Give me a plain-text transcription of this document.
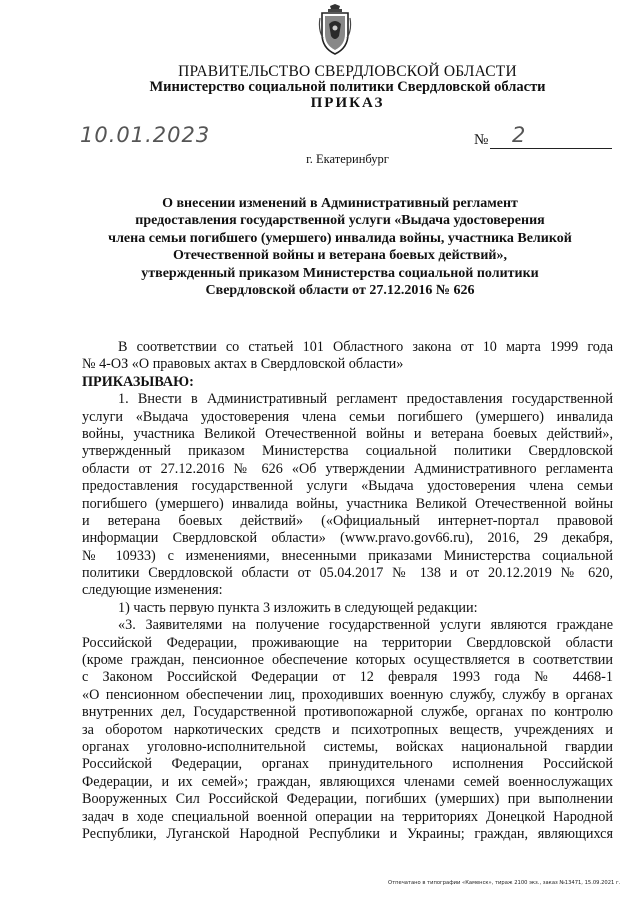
ПРАВИТЕЛЬСТВО СВЕРДЛОВСКОЙ ОБЛАСТИ
Министерство социальной политики Свердловской области
ПРИКАЗ
10.01.2023	№ 2
г. Екатеринбург
О внесении изменений в Административный регламент
предоставления государственной услуги «Выдача удостоверения
члена семьи погибшего (умершего) инвалида войны, участника Великой
Отечественной войны и ветерана боевых действий»,
утвержденный приказом Министерства социальной политики
Свердловской области от 27.12.2016 № 626
В соответствии со статьей 101 Областного закона от 10 марта 1999 года
№ 4-ОЗ «О правовых актах в Свердловской области»
ПРИКАЗЫВАЮ:
1. Внести в Административный регламент предоставления государственной
услуги «Выдача удостоверения члена семьи погибшего (умершего) инвалида
войны, участника Великой Отечественной войны и ветерана боевых действий»,
утвержденный приказом Министерства социальной политики Свердловской
области от 27.12.2016 № 626 «Об утверждении Административного регламента
предоставления государственной услуги «Выдача удостоверения члена семьи
погибшего (умершего) инвалида войны, участника Великой Отечественной войны
и ветерана боевых действий» («Официальный интернет-портал правовой
информации Свердловской области» (www.pravo.gov66.ru), 2016, 29 декабря,
№ 10933) с изменениями, внесенными приказами Министерства социальной
политики Свердловской области от 05.04.2017 № 138 и от 20.12.2019 № 620,
следующие изменения:
1) часть первую пункта 3 изложить в следующей редакции:
«3. Заявителями на получение государственной услуги являются граждане
Российской Федерации, проживающие на территории Свердловской области
(кроме граждан, пенсионное обеспечение которых осуществляется в соответствии
с Законом Российской Федерации от 12 февраля 1993 года № 4468-1
«О пенсионном обеспечении лиц, проходивших военную службу, службу в органах
внутренних дел, Государственной противопожарной службе, органах по контролю
за оборотом наркотических средств и психотропных веществ, учреждениях и
органах уголовно-исполнительной системы, войсках национальной гвардии
Российской Федерации, органах принудительного исполнения Российской
Федерации, и их семей»; граждан, являющихся членами семей военнослужащих
Вооруженных Сил Российской Федерации, погибших (умерших) при выполнении
задач в ходе специальной военной операции на территориях Донецкой Народной
Республики, Луганской Народной Республики и Украины; граждан, являющихся
Отпечатано в типографии «Каменск», тираж 2100 экз., заказ №13471, 15.09.2021 г.
